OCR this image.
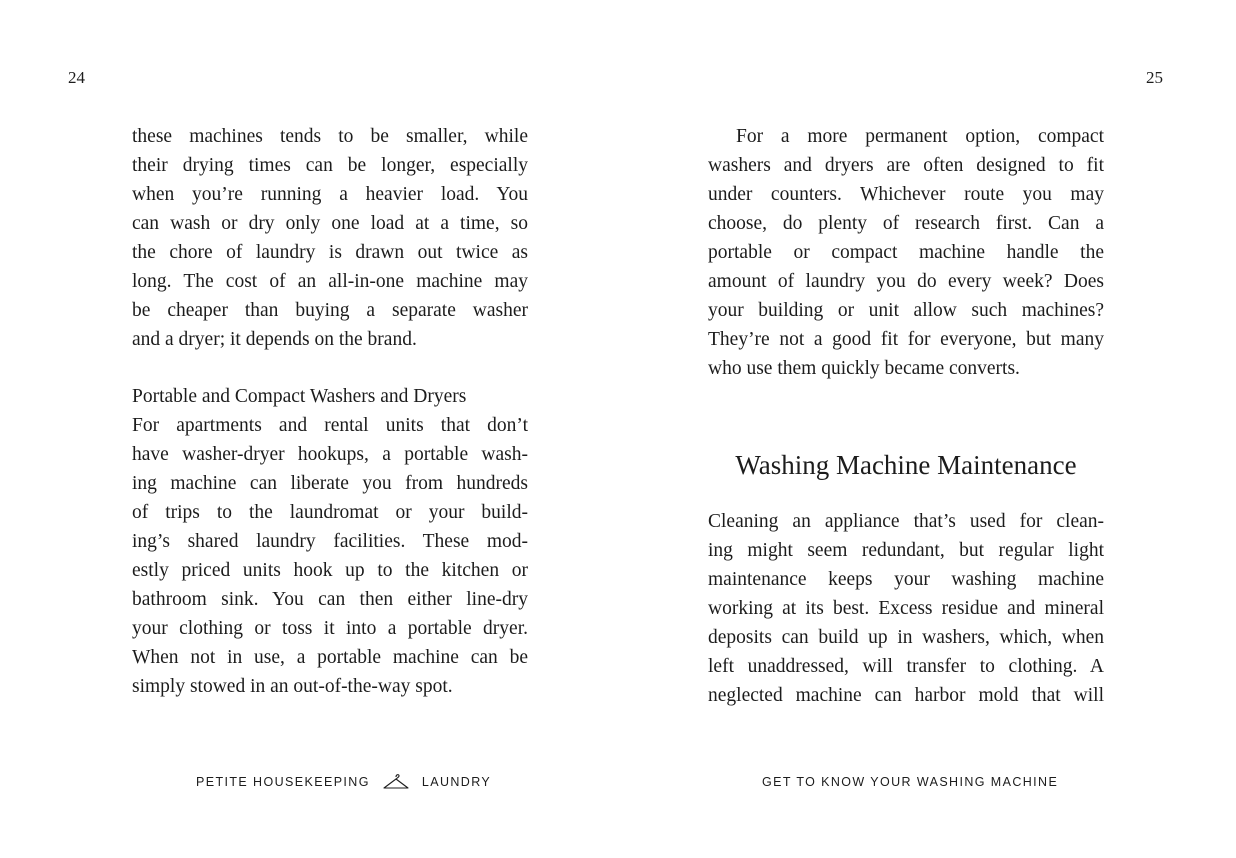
24
these machines tends to be smaller, while
their drying times can be longer, especially
when you’re running a heavier load. You
can wash or dry only one load at a time, so
the chore of laundry is drawn out twice as
long. The cost of an all-in-one machine may
be cheaper than buying a separate washer
and a dryer; it depends on the brand.
Portable and Compact Washers and Dryers
For apartments and rental units that don’t
have washer-dryer hookups, a portable wash-
ing machine can liberate you from hundreds
of trips to the laundromat or your build-
ing’s shared laundry facilities. These mod-
estly priced units hook up to the kitchen or
bathroom sink. You can then either line-dry
your clothing or toss it into a portable dryer.
When not in use, a portable machine can be
simply stowed in an out-of-the-way spot.
PETITE HOUSEKEEPING	LAUNDRY
25
For a more permanent option, compact
washers and dryers are often designed to fit
under counters. Whichever route you may
choose, do plenty of research first. Can a
portable or compact machine handle the
amount of laundry you do every week? Does
your building or unit allow such machines?
They’re not a good fit for everyone, but many
who use them quickly became converts.
Washing Machine Maintenance
Cleaning an appliance that’s used for clean-
ing might seem redundant, but regular light
maintenance keeps your washing machine
working at its best. Excess residue and mineral
deposits can build up in washers, which, when
left unaddressed, will transfer to clothing. A
neglected machine can harbor mold that will
GET TO KNOW YOUR WASHING MACHINE
